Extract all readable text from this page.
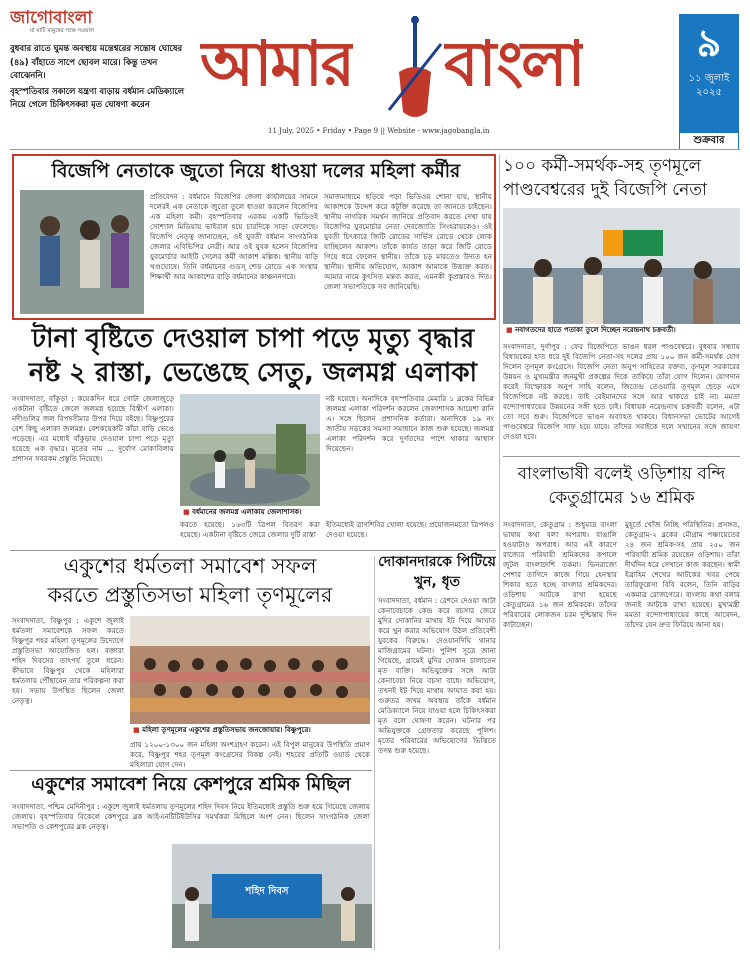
জাগোবাংলা
মা মাটি মানুষের পক্ষে সওয়াল

বুধবার রাতে ঘুমন্ত অবস্থায় মন্তেশ্বরের সন্তোষ ঘোষের (৪৯) বাঁহাতে সাপে ছোবল মারে। কিন্তু তখন বোঝেননি।

বৃহস্পতিবার সকালে যন্ত্রণা বাড়ায় বর্ধমান মেডিক্যালে নিয়ে গেলে চিকিৎসকরা মৃত ঘোষণা করেন

আমার বাংলা
11 July, 2025 • Friday • Page 9 || Website - www.jagobangla.in
৯
১১ জুলাই
২০২৫
শুক্রবার
বিজেপি নেতাকে জুতো নিয়ে ধাওয়া দলের মহিলা কর্মীর
প্রতিবেদন : বর্ধমানে বিজেপির জেলা কার্যালয়ের সামনে দলেরই এক নেতাকে জুতো তুলে ধাওয়া করলেন বিজেপির এক মহিলা কর্মী। বৃহস্পতিবার এরকম একটি ভিডিওই সোশ্যাল মিডিয়ায় ভাইরাল হয়ে চারদিকে সাড়া ফেলেছে। বিজেপি নেতৃত্ব জানাচ্ছেন, ওই যুবতী বর্ধমান সাংগঠনিক জেলার এবিভিপির নেত্রী। আর ওই যুবক হলেন বিজেপির যুবমোর্চার আইটি সেলের কর্মী আকাশ মল্লিক। স্থানীয় বাড়ি খণ্ডঘোষে। তিনি বর্ধমানের গুডস্ শেড রোডে এক সংস্থার শিক্ষার্থী আর আকাশের বাড়ি বর্ধমানের কাঞ্চননগরে।
সমাজমাধ্যমে ছড়িয়ে পড়া ভিডিওয় শোনা যায়, স্থানীয় আকাশকে উদ্দেশ করে কটূক্তি করেছে তা জানতে চাইছেন। স্থানীয় নাগরিক সমর্থন জানিয়ে প্রতিবাদ করতে দেখা যায় বিজেপির যুবমোর্চার নেতা দেবজ্যোতি সিংহরায়কেও। ওই যুবতী চিৎকারে জিটি রোডের সার্ভিস রোডে থেকে লোক যাচ্ছিলেন আকাশ। তাঁকে কার্যত তাড়া করে জিটি রোডে গিয়ে ধরে ফেলেন স্থানীয়। তাঁকে চড় মারতেও উদ্যত হন স্থানীয়। স্থানীয় অভিযোগ, আকাশ আমাকে উত্ত্যক্ত করত। আমার নামে কুৎসিত মন্তব্য করত, এমনকী কুপ্রস্তাবও দিত। জেলা সভাপতিকে সব জানিয়েছি।
১০০ কর্মী-সমর্থক-সহ তৃণমূলে পাণ্ডবেশ্বরের দুই বিজেপি নেতা
■ নবাগতদের হাতে পতাকা তুলে দিচ্ছেন নরেন্দ্রনাথ চক্রবর্তী।
সংবাদদাতা, দুর্গাপুর : ফের বিজেপিতে ভাঙন ধরল পাণ্ডবেশ্বরে। বুধবার সন্ধ্যায় বিধায়কের হাত ধরে দুই বিজেপি নেতা-সহ দলের প্রায় ১০০ জন কর্মী-সমর্থক যোগ দিলেন তৃণমূল কংগ্রেসে। বিজেপি নেতা অনুপ সাহিতের বক্তব্য, তৃণমূল সরকারের উন্নয়ন ও মুখ্যমন্ত্রীর জনমুখী প্রকল্পের দিকে তাকিয়ে তাঁরা যোগ দিলেন। যোগদান করেই বিস্ফোরক অনুপ সাহি বলেন, জিতেন্দ্র তেওয়ারি তৃণমূল ছেড়ে এসে বিজেপিকে নষ্ট করছে। তাই বেইমানদের সঙ্গে আর থাকতে চাই না। মমতা বন্দ্যোপাধ্যায়ের উন্নয়নের সঙ্গী হতে চাই। বিধায়ক নরেন্দ্রনাথ চক্রবর্তী বলেন, এটা তো সবে শুরু। বিজেপিতে ভাঙন অব্যাহত থাকবে। বিধানসভা ভোটের আগেই পাণ্ডবেশ্বরে বিজেপি সাফ হয়ে যাবে। তাঁদের সবাইকে দলে সম্মানের সঙ্গে জায়গা দেওয়া হবে।
টানা বৃষ্টিতে দেওয়াল চাপা পড়ে মৃত্যু বৃদ্ধার
নষ্ট ২ রাস্তা, ভেঙেছে সেতু, জলমগ্ন এলাকা
সংবাদদাতা, বাঁকুড়া : কয়েকদিন ধরে গোটা জেলাজুড়ে একটানা বৃষ্টিতে জেলে জলমগ্ন হয়েছে বিস্তীর্ণ এলাকা। নদীগুলির জল বিপদসীমার উপর দিয়ে বইছে। বিষ্ণুপুরের বেশ কিছু এলাকা জলমগ্ন। বেশকয়েকটি কাঁচা বাড়ি ভেঙে পড়েছে। এর মধ্যেই বাঁকুড়ায় দেওয়াল চাপা পড়ে মৃত্যু হয়েছে এক বৃদ্ধার। মৃতের নাম ... দুর্যোগ মোকাবিলায় প্রশাসন সবরকম প্রস্তুতি নিয়েছে।
■ বর্ধমানের জলমগ্ন এলাকায় জেলাশাসক।
নষ্ট হয়েছে। অনাদিকে বৃহস্পতিবার মেমারি ১ ব্লকের বিভিন্ন জলমগ্ন এলাকা পরিদর্শন করলেন জেলাশাসক আয়েশা রানি এ। সঙ্গে ছিলেন প্রশাসনিক কর্তারা। অনাদিকে ১৯ নং জাতীয় সড়কের সমস্যা সমাধানে কাজ শুরু হয়েছে। জলমগ্ন এলাকা পরিদর্শন করে দুর্গতদের পাশে থাকার আশ্বাস দিয়েছেন।
করতে হয়েছে। ১৬৩টি ত্রিপল বিতরণ করা হয়েছে। একটানা বৃষ্টিতে জেরে জেলার দুটি রাস্তা
ইতিমধ্যেই ত্রাণশিবির খোলা হয়েছে। প্রয়োজনমতো ত্রিপলও দেওয়া হয়েছে।
বাংলাভাষী বলেই ওড়িশায় বন্দি কেতুগ্রামের ১৬ শ্রমিক
সংবাদদাতা, কেতুগ্রাম : শুধুমাত্র বাংলা ভাষায় কথা বলা অপরাধ। বাঙালি হওয়াটাও অপরাধ। আর এই কারণে রাজ্যের পরিযায়ী শ্রমিকদের কপালে জুটল বাংলাদেশি তকমা। ভিনরাজ্যে পেশার তাগিদে কাজে গিয়ে হেনস্থার শিকার হতে হচ্ছে বাংলার শ্রমিকদের। ওড়িশায় আটকে রাখা হয়েছে কেতুগ্রামের ১৬ জন শ্রমিককে। তাঁদের পরিবারের লোকজন চরম দুশ্চিন্তায় দিন কাটাচ্ছেন।
মুহূর্তে খোঁজ নিচ্ছি পরিস্থিতির। প্রসঙ্গত, কেতুগ্রাম-২ ব্লকের মৌগ্রাম পঞ্চায়েতের ২৪ জন শ্রমিক-সহ প্রায় ২৫০ জন পরিযায়ী শ্রমিক রয়েছেন ওড়িশায়। তাঁরা দীর্ঘদিন ধরে সেখানে কাজ করছেন। স্বামী ইব্রাহিম শেখের আটকের খবর পেয়ে তারিফুন্নেসা বিবি বলেন, তিনি বাড়ির একমাত্র রোজগেরে। বাংলায় কথা বলার জন্যই আটকে রাখা হয়েছে। মুখ্যমন্ত্রী মমতা বন্দ্যোপাধ্যায়ের কাছে আবেদন, তাঁদের যেন দ্রুত ফিরিয়ে আনা হয়।
একুশের ধর্মতলা সমাবেশ সফল
করতে প্রস্তুতিসভা মহিলা তৃণমূলের
সংবাদদাতা, বিষ্ণুপুর : একুশে জুলাই ধর্মতলা সমাবেশকে সফল করতে বিষ্ণুপুর শহর মহিলা তৃণমূলের উদ্যোগে প্রস্তুতিসভা আয়োজিত হল। বক্তারা শহিদ দিবসের তাৎপর্য তুলে ধরেন। কীভাবে বিষ্ণুপুর থেকে মহিলারা ধর্মতলায় পৌঁছাবেন তার পরিকল্পনা করা হয়। সভায় উপস্থিত ছিলেন জেলা নেতৃত্ব।
■ মহিলা তৃণমূলের একুশের প্রস্তুতিসভায় জনজোয়ার। বিষ্ণুপুরে।
প্রায় ১২০০-১৩০০ জন মহিলা অংশগ্রহণ করেন। এই বিপুল মানুষের উপস্থিতি প্রমাণ করে, বিষ্ণুপুর শহর তৃণমূল কংগ্রেসের বিকল্প নেই। শহরের প্রতিটি ওয়ার্ড থেকে মহিলারা যোগ দেন।
দোকানদারকে পিটিয়ে খুন, ধৃত
সংবাদদাতা, বর্ধমান : রেশনে দেওয়া আটা কেনাবেচাকে কেন্দ্র করে বচসার জেরে মুদির দোকানির মাথায় ইট দিয়ে আঘাত করে খুন করার অভিযোগ উঠল প্রতিবেশী যুবকের বিরুদ্ধে। দেওয়ানদিঘি থানার মাজিগ্রামের ঘটনা। পুলিশ সূত্রে জানা গিয়েছে, গ্রামেই মুদির দোকান চালাতেন মৃত ব্যক্তি। অভিযুক্তের সঙ্গে আটা কেনাবেচা নিয়ে বচসা বাধে। অভিযোগ, তখনই ইট দিয়ে মাথায় আঘাত করা হয়। গুরুতর জখম অবস্থায় তাঁকে বর্ধমান মেডিক্যালে নিয়ে যাওয়া হলে চিকিৎসকরা মৃত বলে ঘোষণা করেন। ঘটনার পর অভিযুক্তকে গ্রেফতার করেছে পুলিশ। মৃতের পরিবারের অভিযোগের ভিত্তিতে তদন্ত শুরু হয়েছে।
একুশের সমাবেশ নিয়ে কেশপুরে শ্রমিক মিছিল
সংবাদদাতা, পশ্চিম মেদিনীপুর : একুশে জুলাই ধর্মতলায় তৃণমূলের শহিদ দিবস নিয়ে ইতিমধ্যেই প্রস্তুতি শুরু হয়ে গিয়েছে জেলায় জেলায়। বৃহস্পতিবার বিকেলে কেশপুরে ব্লক আইএনটিটিইউসির সমর্থকরা মিছিলে অংশ নেন। ছিলেন সাংগঠনিক জেলা সভাপতি ও কেশপুরের ব্লক নেতৃত্ব।
শহিদ দিবস
